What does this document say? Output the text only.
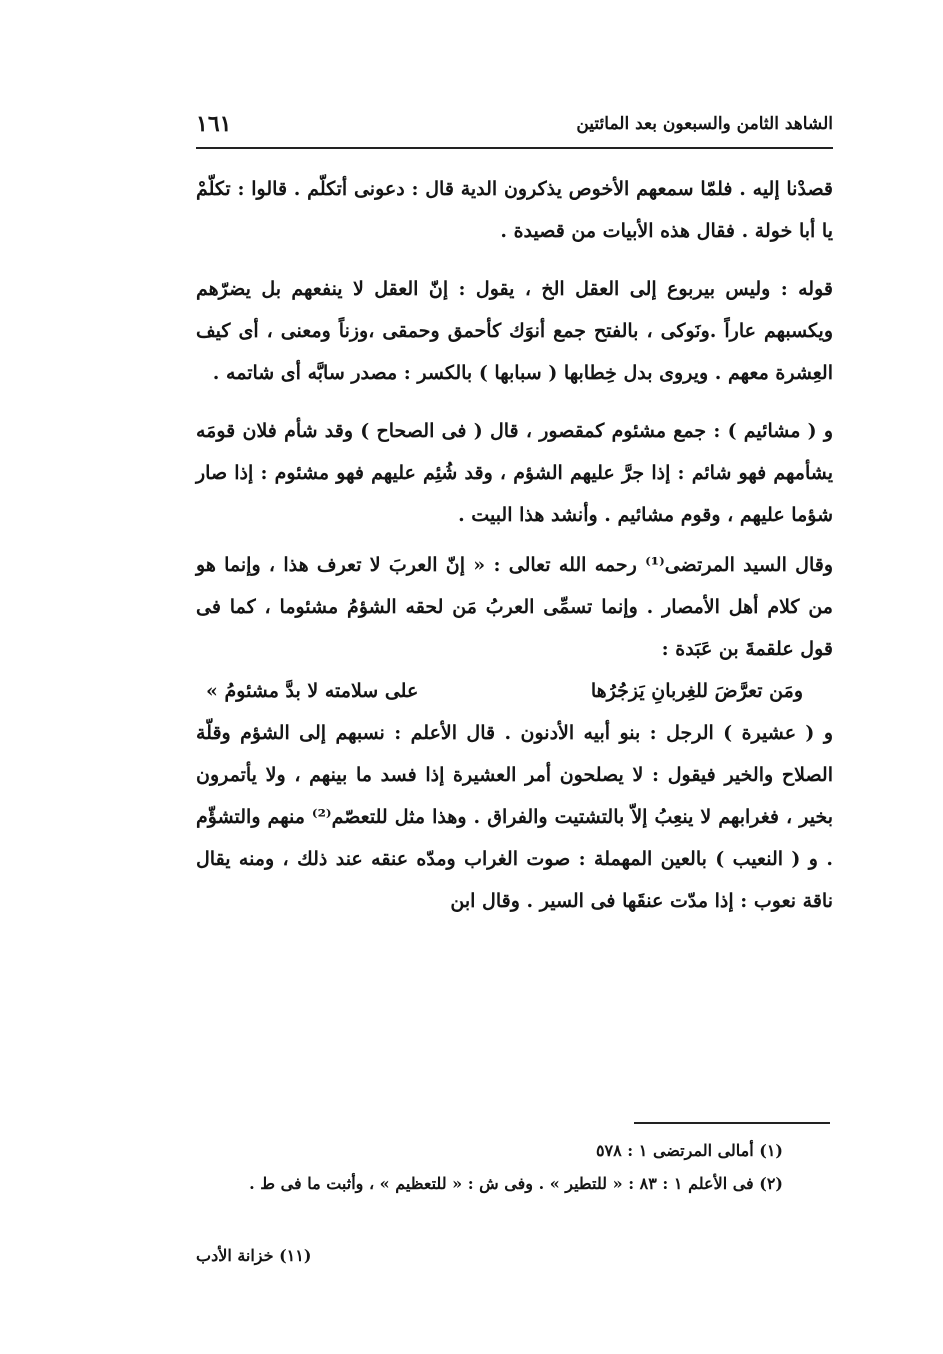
الشاهد الثامن والسبعون بعد المائتين
١٦١

قصدْنا إليه . فلمّا سمعهم الأخوص يذكرون الدية قال : دعونى أتكلّم . قالوا : تكلّمْ يا أبا خولة . فقال هذه الأبيات من قصيدة .

قوله : وليس بيربوع إلى العقل الخ ، يقول : إنّ العقل لا ينفعهم بل يضرّهم ويكسبهم عاراً .ونَوكى ، بالفتح جمع أنوَك كأحمق وحمقى ،وزناً ومعنى ، أى كيف العِشرة معهم . ويروى بدل خِطابها ( سبابها ) بالكسر : مصدر سابَّه أى شاتمه .

و ( مشائيم ) : جمع مشئوم كمقصور ، قال ( فى الصحاح ) وقد شأم فلان قومَه يشأمهم فهو شائم : إذا جرَّ عليهم الشؤم ، وقد شُئِم عليهم فهو مشئوم : إذا صار شؤما عليهم ، وقوم مشائيم . وأنشد هذا البيت .

وقال السيد المرتضى⁽¹⁾ رحمه الله تعالى : « إنّ العربَ لا تعرف هذا ، وإنما هو من كلام أهل الأمصار . وإنما تسمِّى العربُ مَن لحقه الشؤمُ مشئوما ، كما فى قول علقمةَ بن عَبَدة :

ومَن تعرَّضَ للغِربانِ يَزجُرُها
على سلامته لا بدَّ مشئومُ »

و ( عشيرة ) الرجل : بنو أبيه الأدنون . قال الأعلم : نسبهم إلى الشؤم وقلّة الصلاح والخير فيقول : لا يصلحون أمر العشيرة إذا فسد ما بينهم ، ولا يأتمرون بخير ، فغرابهم لا ينعِبُ إلاّ بالتشتيت والفراق . وهذا مثل للتعصّم⁽²⁾ منهم والتشؤّم . و ( النعيب ) بالعين المهملة : صوت الغراب ومدّه عنقه عند ذلك ، ومنه يقال ناقة نعوب : إذا مدّت عنقَها فى السير . وقال ابن

(١) أمالى المرتضى ١ : ٥٧٨

(٢) فى الأعلم ١ : ٨٣ : « للتطير » . وفى ش : « للتعظيم » ، وأثبت ما فى ط .

(١١) خزانة الأدب
